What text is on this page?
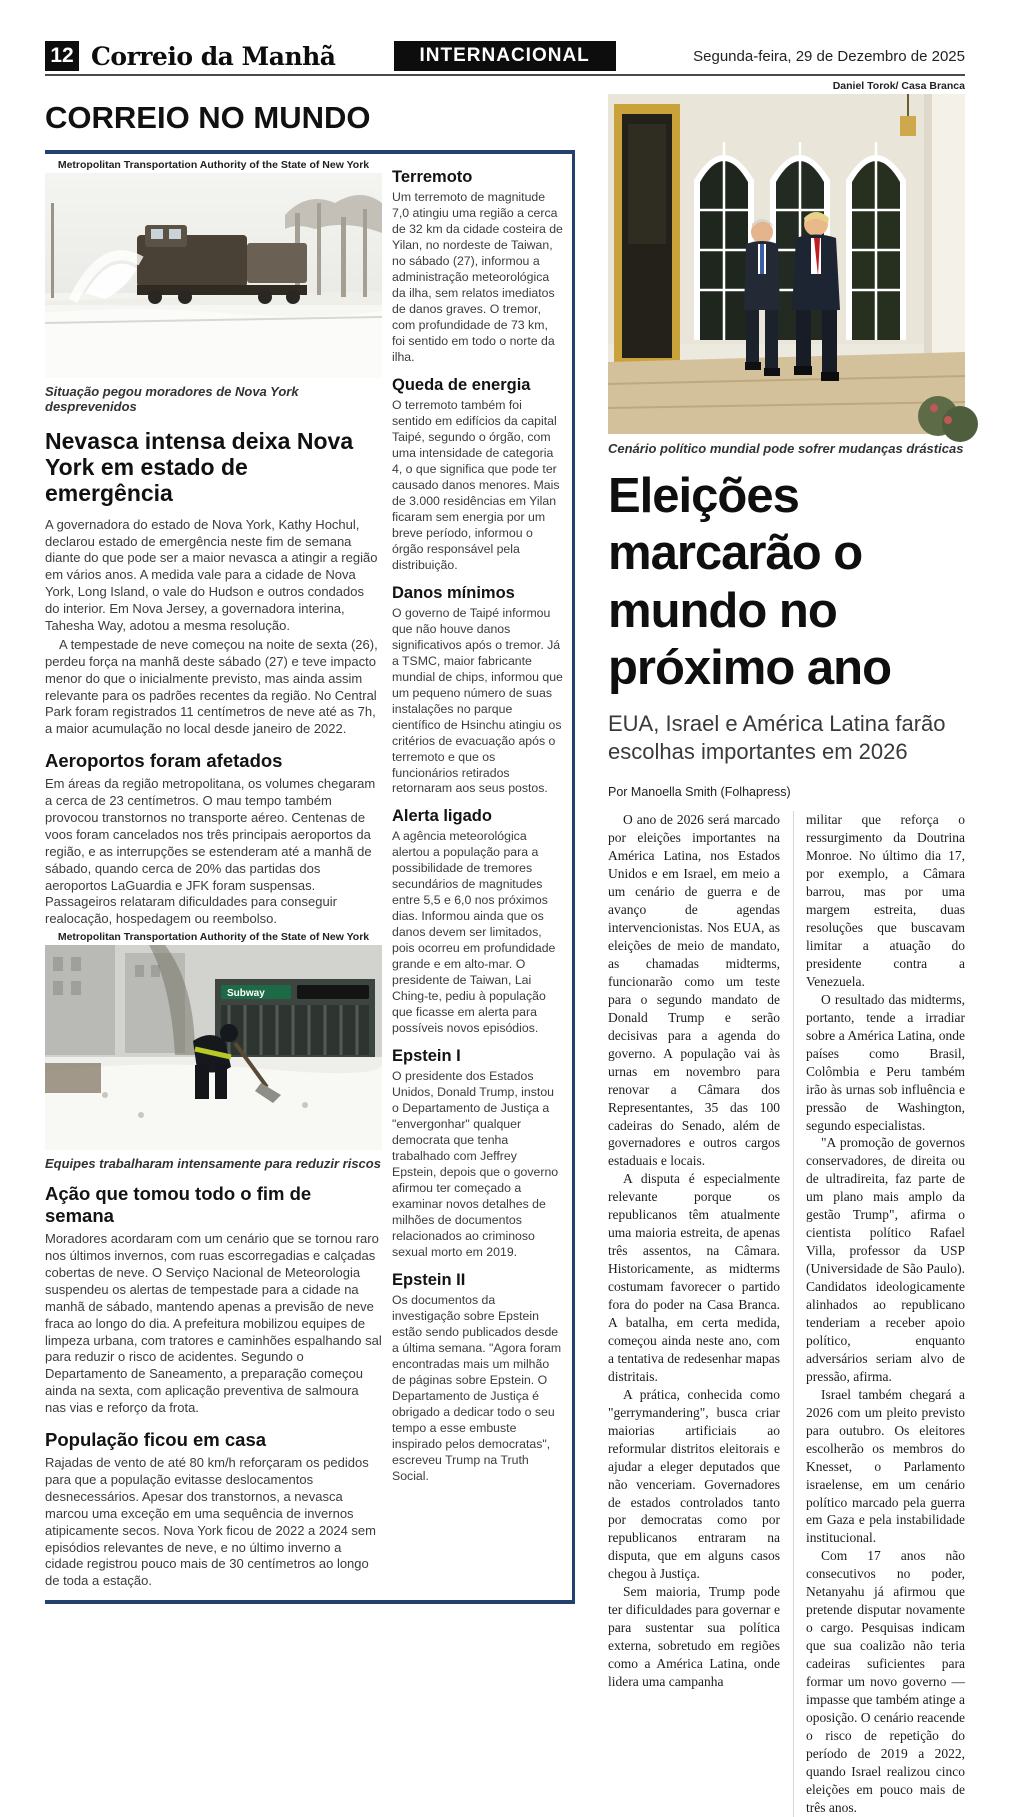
12 Correio da Manhã	INTERNACIONAL	Segunda-feira, 29 de Dezembro de 2025
Daniel Torok/ Casa Branca
CORREIO NO MUNDO
Metropolitan Transportation Authority of the State of New York
Situação pegou moradores de Nova York desprevenidos
Nevasca intensa deixa Nova York em estado de emergência

A governadora do estado de Nova York, Kathy Hochul, declarou estado de emergência neste fim de semana diante do que pode ser a maior nevasca a atingir a região em vários anos. A medida vale para a cidade de Nova York, Long Island, o vale do Hudson e outros condados do interior. Em Nova Jersey, a governadora interina, Tahesha Way, adotou a mesma resolução.

A tempestade de neve começou na noite de sexta (26), perdeu força na manhã deste sábado (27) e teve impacto menor do que o inicialmente previsto, mas ainda assim relevante para os padrões recentes da região. No Central Park foram registrados 11 centímetros de neve até as 7h, a maior acumulação no local desde janeiro de 2022.

Aeroportos foram afetados

Em áreas da região metropolitana, os volumes chegaram a cerca de 23 centímetros. O mau tempo também provocou transtornos no transporte aéreo. Centenas de voos foram cancelados nos três principais aeroportos da região, e as interrupções se estenderam até a manhã de sábado, quando cerca de 20% das partidas dos aeroportos LaGuardia e JFK foram suspensas. Passageiros relataram dificuldades para conseguir realocação, hospedagem ou reembolso.

Metropolitan Transportation Authority of the State of New York
Subway
Equipes trabalharam intensamente para reduzir riscos
Ação que tomou todo o fim de semana

Moradores acordaram com um cenário que se tornou raro nos últimos invernos, com ruas escorregadias e calçadas cobertas de neve. O Serviço Nacional de Meteorologia suspendeu os alertas de tempestade para a cidade na manhã de sábado, mantendo apenas a previsão de neve fraca ao longo do dia. A prefeitura mobilizou equipes de limpeza urbana, com tratores e caminhões espalhando sal para reduzir o risco de acidentes. Segundo o Departamento de Saneamento, a preparação começou ainda na sexta, com aplicação preventiva de salmoura nas vias e reforço da frota.

População ficou em casa

Rajadas de vento de até 80 km/h reforçaram os pedidos para que a população evitasse deslocamentos desnecessários. Apesar dos transtornos, a nevasca marcou uma exceção em uma sequência de invernos atipicamente secos. Nova York ficou de 2022 a 2024 sem episódios relevantes de neve, e no último inverno a cidade registrou pouco mais de 30 centímetros ao longo de toda a estação.

Terremoto
Um terremoto de magnitude 7,0 atingiu uma região a cerca de 32 km da cidade costeira de Yilan, no nordeste de Taiwan, no sábado (27), informou a administração meteorológica da ilha, sem relatos imediatos de danos graves. O tremor, com profundidade de 73 km, foi sentido em todo o norte da ilha.
Queda de energia
O terremoto também foi sentido em edifícios da capital Taipé, segundo o órgão, com uma intensidade de categoria 4, o que significa que pode ter causado danos menores. Mais de 3.000 residências em Yilan ficaram sem energia por um breve período, informou o órgão responsável pela distribuição.
Danos mínimos
O governo de Taipé informou que não houve danos significativos após o tremor. Já a TSMC, maior fabricante mundial de chips, informou que um pequeno número de suas instalações no parque científico de Hsinchu atingiu os critérios de evacuação após o terremoto e que os funcionários retirados retornaram aos seus postos.
Alerta ligado
A agência meteorológica alertou a população para a possibilidade de tremores secundários de magnitudes entre 5,5 e 6,0 nos próximos dias. Informou ainda que os danos devem ser limitados, pois ocorreu em profundidade grande e em alto-mar. O presidente de Taiwan, Lai Ching-te, pediu à população que ficasse em alerta para possíveis novos episódios.
Epstein I
O presidente dos Estados Unidos, Donald Trump, instou o Departamento de Justiça a "envergonhar" qualquer democrata que tenha trabalhado com Jeffrey Epstein, depois que o governo afirmou ter começado a examinar novos detalhes de milhões de documentos relacionados ao criminoso sexual morto em 2019.
Epstein II
Os documentos da investigação sobre Epstein estão sendo publicados desde a última semana. "Agora foram encontradas mais um milhão de páginas sobre Epstein. O Departamento de Justiça é obrigado a dedicar todo o seu tempo a esse embuste inspirado pelos democratas", escreveu Trump na Truth Social.
Cenário político mundial pode sofrer mudanças drásticas
Eleições marcarão o mundo no próximo ano
EUA, Israel e América Latina farão escolhas importantes em 2026
Por Manoella Smith (Folhapress)

O ano de 2026 será marcado por eleições importantes na América Latina, nos Estados Unidos e em Israel, em meio a um cenário de guerra e de avanço de agendas intervencionistas. Nos EUA, as eleições de meio de mandato, as chamadas midterms, funcionarão como um teste para o segundo mandato de Donald Trump e serão decisivas para a agenda do governo. A população vai às urnas em novembro para renovar a Câmara dos Representantes, 35 das 100 cadeiras do Senado, além de governadores e outros cargos estaduais e locais.

A disputa é especialmente relevante porque os republicanos têm atualmente uma maioria estreita, de apenas três assentos, na Câmara. Historicamente, as midterms costumam favorecer o partido fora do poder na Casa Branca. A batalha, em certa medida, começou ainda neste ano, com a tentativa de redesenhar mapas distritais.

A prática, conhecida como "gerrymandering", busca criar maiorias artificiais ao reformular distritos eleitorais e ajudar a eleger deputados que não venceriam. Governadores de estados controlados tanto por democratas como por republicanos entraram na disputa, que em alguns casos chegou à Justiça.

Sem maioria, Trump pode ter dificuldades para governar e para sustentar sua política externa, sobretudo em regiões como a América Latina, onde lidera uma campanha

militar que reforça o ressurgimento da Doutrina Monroe. No último dia 17, por exemplo, a Câmara barrou, mas por uma margem estreita, duas resoluções que buscavam limitar a atuação do presidente contra a Venezuela.

O resultado das midterms, portanto, tende a irradiar sobre a América Latina, onde países como Brasil, Colômbia e Peru também irão às urnas sob influência e pressão de Washington, segundo especialistas.

"A promoção de governos conservadores, de direita ou de ultradireita, faz parte de um plano mais amplo da gestão Trump", afirma o cientista político Rafael Villa, professor da USP (Universidade de São Paulo). Candidatos ideologicamente alinhados ao republicano tenderiam a receber apoio político, enquanto adversários seriam alvo de pressão, afirma.

Israel também chegará a 2026 com um pleito previsto para outubro. Os eleitores escolherão os membros do Knesset, o Parlamento israelense, em um cenário político marcado pela guerra em Gaza e pela instabilidade institucional.

Com 17 anos não consecutivos no poder, Netanyahu já afirmou que pretende disputar novamente o cargo. Pesquisas indicam que sua coalizão não teria cadeiras suficientes para formar um novo governo —impasse que também atinge a oposição. O cenário reacende o risco de repetição do período de 2019 a 2022, quando Israel realizou cinco eleições em pouco mais de três anos.
